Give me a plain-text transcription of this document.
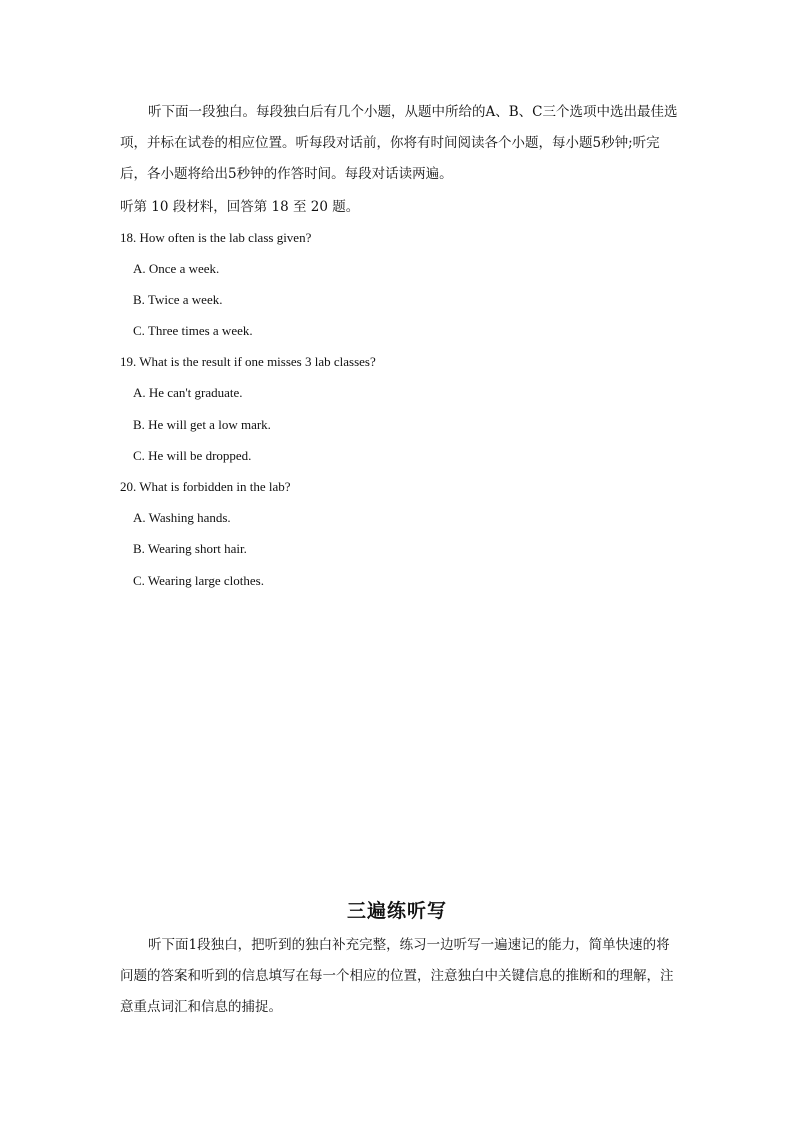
听下面一段独白。每段独白后有几个小题，从题中所给的A、B、C三个选项中选出最佳选项，并标在试卷的相应位置。听每段对话前，你将有时间阅读各个小题，每小题5秒钟;听完后，各小题将给出5秒钟的作答时间。每段对话读两遍。
听第 10 段材料，回答第 18 至 20 题。
18. How often is the lab class given?
A. Once a week.
B. Twice a week.
C. Three times a week.
19. What is the result if one misses 3 lab classes?
A. He can't graduate.
B. He will get a low mark.
C. He will be dropped.
20. What is forbidden in the lab?
A. Washing hands.
B. Wearing short hair.
C. Wearing large clothes.
三遍练听写
听下面1段独白，把听到的独白补充完整，练习一边听写一遍速记的能力，简单快速的将问题的答案和听到的信息填写在每一个相应的位置，注意独白中关键信息的推断和的理解，注意重点词汇和信息的捕捉。
